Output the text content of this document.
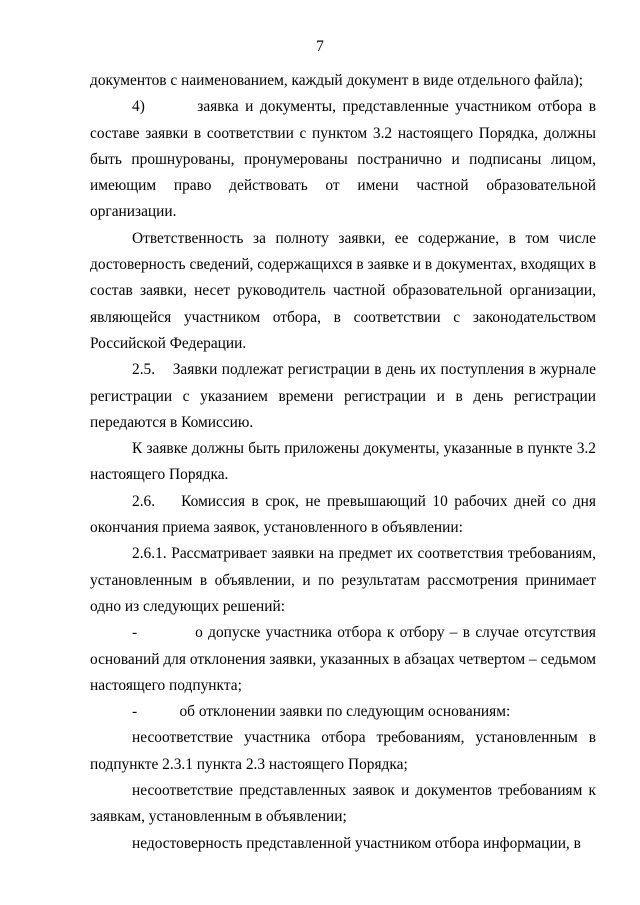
7

документов с наименованием, каждый документ в виде отдельного файла);

4)        заявка и документы, представленные участником отбора в составе заявки в соответствии с пунктом 3.2 настоящего Порядка, должны быть прошнурованы, пронумерованы постранично и подписаны лицом, имеющим право действовать от имени частной образовательной организации.

Ответственность за полноту заявки, ее содержание, в том числе достоверность сведений, содержащихся в заявке и в документах, входящих в состав заявки, несет руководитель частной образовательной организации, являющейся участником отбора, в соответствии с законодательством Российской Федерации.

2.5.    Заявки подлежат регистрации в день их поступления в журнале регистрации с указанием времени регистрации и в день регистрации передаются в Комиссию.

К заявке должны быть приложены документы, указанные в пункте 3.2 настоящего Порядка.

2.6.    Комиссия в срок, не превышающий 10 рабочих дней со дня окончания приема заявок, установленного в объявлении:

2.6.1. Рассматривает заявки на предмет их соответствия требованиям, установленным в объявлении, и по результатам рассмотрения принимает одно из следующих решений:

-           о допуске участника отбора к отбору – в случае отсутствия оснований для отклонения заявки, указанных в абзацах четвертом – седьмом настоящего подпункта;

-           об отклонении заявки по следующим основаниям:

несоответствие участника отбора требованиям, установленным в подпункте 2.3.1 пункта 2.3 настоящего Порядка;

несоответствие представленных заявок и документов требованиям к заявкам, установленным в объявлении;

недостоверность представленной участником отбора информации, в
